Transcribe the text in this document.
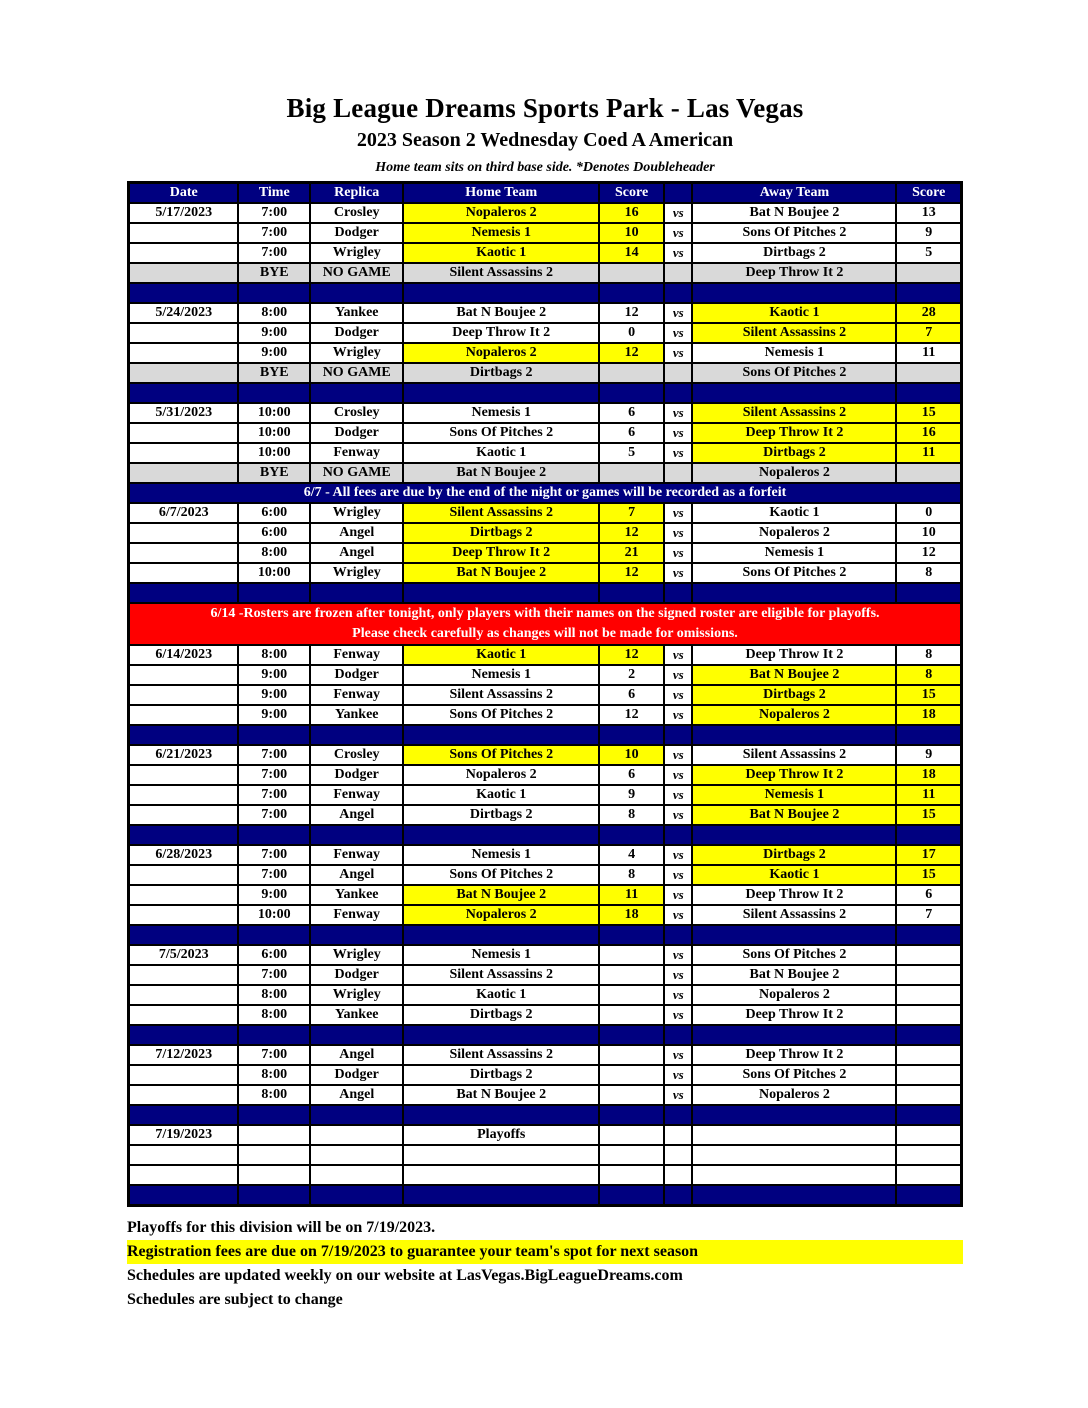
Big League Dreams Sports Park - Las Vegas
2023 Season 2 Wednesday Coed A American
Home team sits on third base side. *Denotes Doubleheader
Date	Time	Replica	Home Team	Score		Away Team	Score
5/17/2023	7:00	Crosley	Nopaleros 2	16	vs	Bat N Boujee 2	13
	7:00	Dodger	Nemesis 1	10	vs	Sons Of Pitches 2	9
	7:00	Wrigley	Kaotic 1	14	vs	Dirtbags 2	5
	BYE	NO GAME	Silent Assassins 2			Deep Throw It 2	

5/24/2023	8:00	Yankee	Bat N Boujee 2	12	vs	Kaotic 1	28
	9:00	Dodger	Deep Throw It 2	0	vs	Silent Assassins 2	7
	9:00	Wrigley	Nopaleros 2	12	vs	Nemesis 1	11
	BYE	NO GAME	Dirtbags 2			Sons Of Pitches 2	

5/31/2023	10:00	Crosley	Nemesis 1	6	vs	Silent Assassins 2	15
	10:00	Dodger	Sons Of Pitches 2	6	vs	Deep Throw It 2	16
	10:00	Fenway	Kaotic 1	5	vs	Dirtbags 2	11
	BYE	NO GAME	Bat N Boujee 2			Nopaleros 2	
6/7 - All fees are due by the end of the night or games will be recorded as a forfeit							
6/7/2023	6:00	Wrigley	Silent Assassins 2	7	vs	Kaotic 1	0
	6:00	Angel	Dirtbags 2	12	vs	Nopaleros 2	10
	8:00	Angel	Deep Throw It 2	21	vs	Nemesis 1	12
	10:00	Wrigley	Bat N Boujee 2	12	vs	Sons Of Pitches 2	8

6/14 -Rosters are frozen after tonight, only players with their names on the signed roster are eligible for playoffs.
Please check carefully as changes will not be made for omissions.							

6/14/2023	8:00	Fenway	Kaotic 1	12	vs	Deep Throw It 2	8
	9:00	Dodger	Nemesis 1	2	vs	Bat N Boujee 2	8
	9:00	Fenway	Silent Assassins 2	6	vs	Dirtbags 2	15
	9:00	Yankee	Sons Of Pitches 2	12	vs	Nopaleros 2	18

6/21/2023	7:00	Crosley	Sons Of Pitches 2	10	vs	Silent Assassins 2	9
	7:00	Dodger	Nopaleros 2	6	vs	Deep Throw It 2	18
	7:00	Fenway	Kaotic 1	9	vs	Nemesis 1	11
	7:00	Angel	Dirtbags 2	8	vs	Bat N Boujee 2	15

6/28/2023	7:00	Fenway	Nemesis 1	4	vs	Dirtbags 2	17
	7:00	Angel	Sons Of Pitches 2	8	vs	Kaotic 1	15
	9:00	Yankee	Bat N Boujee 2	11	vs	Deep Throw It 2	6
	10:00	Fenway	Nopaleros 2	18	vs	Silent Assassins 2	7

7/5/2023	6:00	Wrigley	Nemesis 1		vs	Sons Of Pitches 2	
	7:00	Dodger	Silent Assassins 2		vs	Bat N Boujee 2	
	8:00	Wrigley	Kaotic 1		vs	Nopaleros 2	
	8:00	Yankee	Dirtbags 2		vs	Deep Throw It 2	

7/12/2023	7:00	Angel	Silent Assassins 2		vs	Deep Throw It 2	
	8:00	Dodger	Dirtbags 2		vs	Sons Of Pitches 2	
	8:00	Angel	Bat N Boujee 2		vs	Nopaleros 2	

7/19/2023			Playoffs				

Playoffs for this division will be on 7/19/2023.
Registration fees are due on 7/19/2023 to guarantee your team's spot for next season
Schedules are updated weekly on our website at LasVegas.BigLeagueDreams.com
Schedules are subject to change
